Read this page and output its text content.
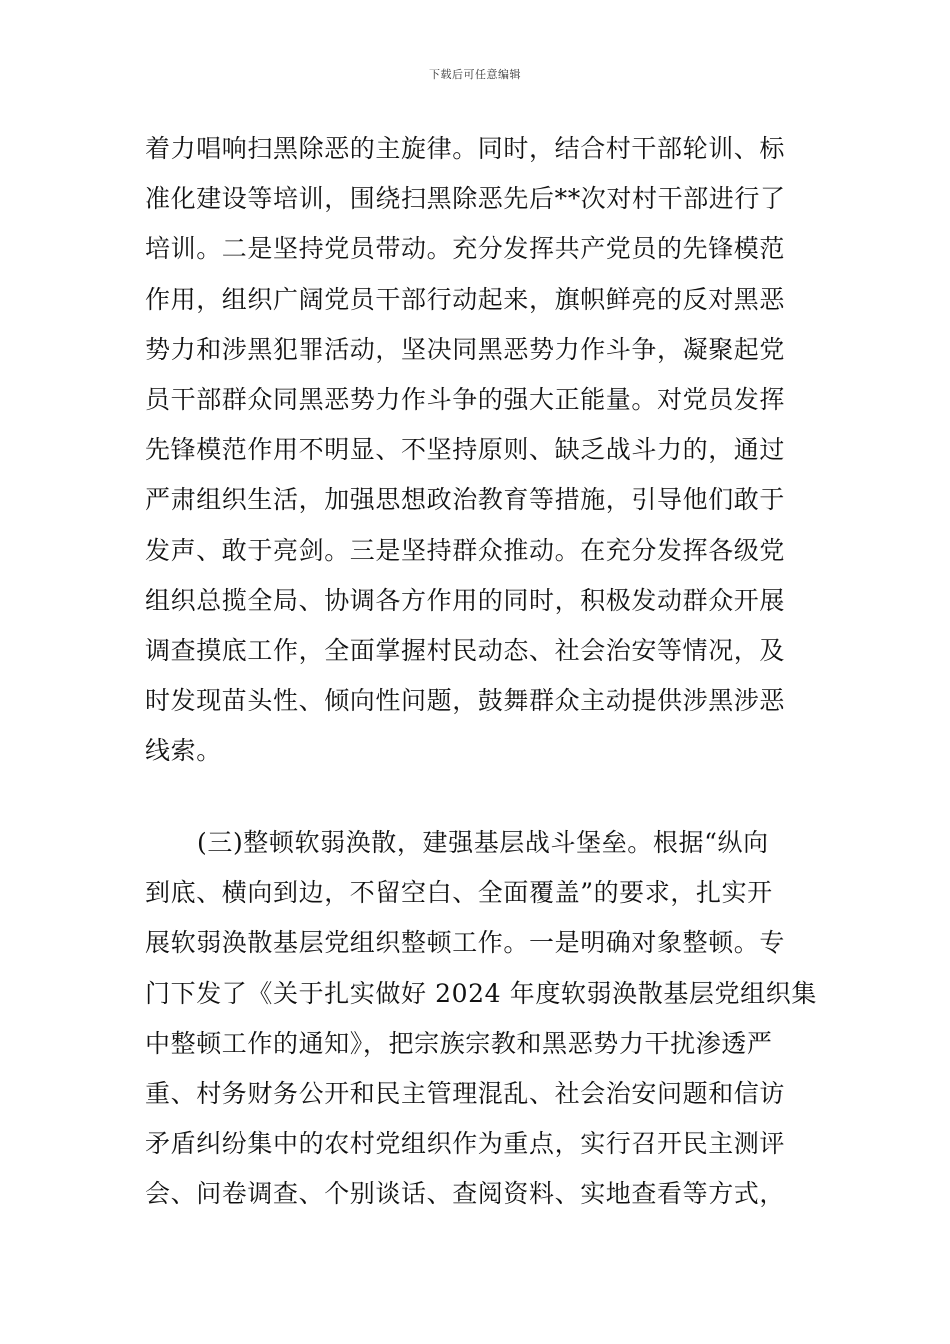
下载后可任意编辑
着力唱响扫黑除恶的主旋律。同时，结合村干部轮训、标
准化建设等培训，围绕扫黑除恶先后**次对村干部进行了
培训。二是坚持党员带动。充分发挥共产党员的先锋模范
作用，组织广阔党员干部行动起来，旗帜鲜亮的反对黑恶
势力和涉黑犯罪活动，坚决同黑恶势力作斗争，凝聚起党
员干部群众同黑恶势力作斗争的强大正能量。对党员发挥
先锋模范作用不明显、不坚持原则、缺乏战斗力的，通过
严肃组织生活，加强思想政治教育等措施，引导他们敢于
发声、敢于亮剑。三是坚持群众推动。在充分发挥各级党
组织总揽全局、协调各方作用的同时，积极发动群众开展
调查摸底工作，全面掌握村民动态、社会治安等情况，及
时发现苗头性、倾向性问题，鼓舞群众主动提供涉黑涉恶
线索。
(三)整顿软弱涣散，建强基层战斗堡垒。根据“纵向
到底、横向到边，不留空白、全面覆盖”的要求，扎实开
展软弱涣散基层党组织整顿工作。一是明确对象整顿。专
门下发了《关于扎实做好 2024 年度软弱涣散基层党组织集
中整顿工作的通知》，把宗族宗教和黑恶势力干扰渗透严
重、村务财务公开和民主管理混乱、社会治安问题和信访
矛盾纠纷集中的农村党组织作为重点，实行召开民主测评
会、问卷调查、个别谈话、查阅资料、实地查看等方式，
